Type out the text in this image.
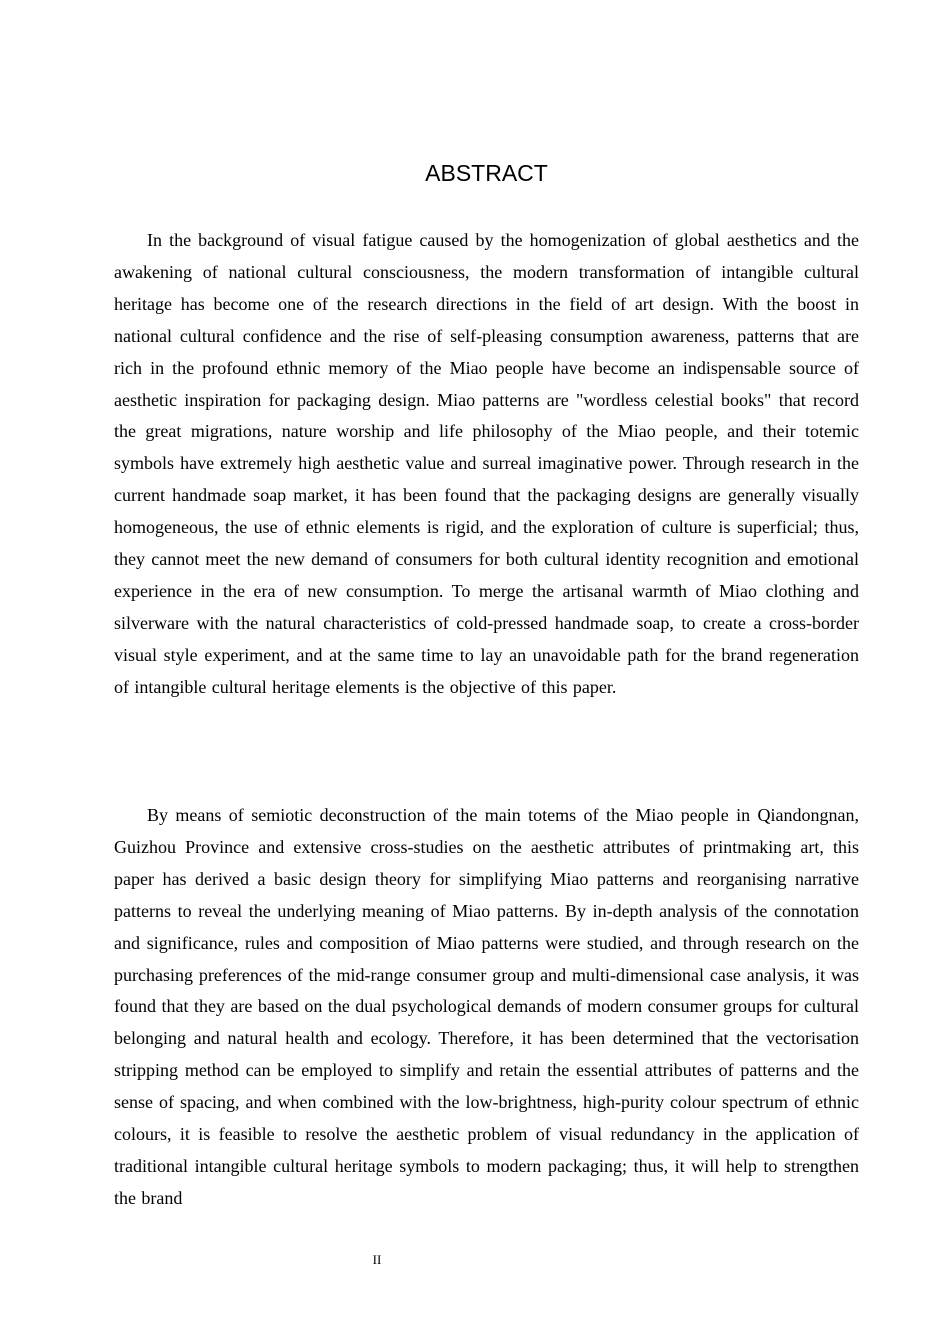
ABSTRACT

In the background of visual fatigue caused by the homogenization of global aesthetics and the awakening of national cultural consciousness, the modern transformation of intangible cultural heritage has become one of the research directions in the field of art design. With the boost in national cultural confidence and the rise of self-pleasing consumption awareness, patterns that are rich in the profound ethnic memory of the Miao people have become an indispensable source of aesthetic inspiration for packaging design. Miao patterns are "wordless celestial books" that record the great migrations, nature worship and life philosophy of the Miao people, and their totemic symbols have extremely high aesthetic value and surreal imaginative power. Through research in the current handmade soap market, it has been found that the packaging designs are generally visually homogeneous, the use of ethnic elements is rigid, and the exploration of culture is superficial; thus, they cannot meet the new demand of consumers for both cultural identity recognition and emotional experience in the era of new consumption. To merge the artisanal warmth of Miao clothing and silverware with the natural characteristics of cold-pressed handmade soap, to create a cross-border visual style experiment, and at the same time to lay an unavoidable path for the brand regeneration of intangible cultural heritage elements is the objective of this paper.

By means of semiotic deconstruction of the main totems of the Miao people in Qiandongnan, Guizhou Province and extensive cross-studies on the aesthetic attributes of printmaking art, this paper has derived a basic design theory for simplifying Miao patterns and reorganising narrative patterns to reveal the underlying meaning of Miao patterns. By in-depth analysis of the connotation and significance, rules and composition of Miao patterns were studied, and through research on the purchasing preferences of the mid-range consumer group and multi-dimensional case analysis, it was found that they are based on the dual psychological demands of modern consumer groups for cultural belonging and natural health and ecology. Therefore, it has been determined that the vectorisation stripping method can be employed to simplify and retain the essential attributes of patterns and the sense of spacing, and when combined with the low-brightness, high-purity colour spectrum of ethnic colours, it is feasible to resolve the aesthetic problem of visual redundancy in the application of traditional intangible cultural heritage symbols to modern packaging; thus, it will help to strengthen the brand

II
